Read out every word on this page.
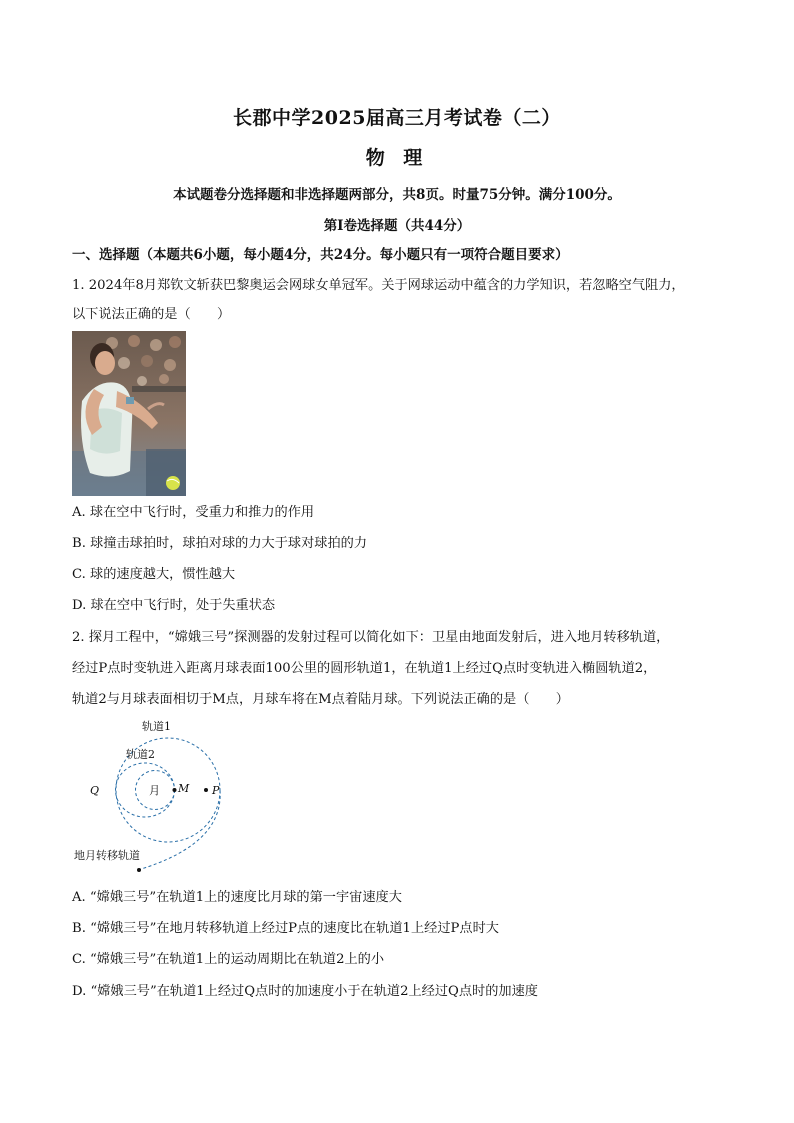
长郡中学2025届高三月考试卷（二）
物 理
本试题卷分选择题和非选择题两部分，共8页。时量75分钟。满分100分。
第Ⅰ卷选择题（共44分）
一、选择题（本题共6小题，每小题4分，共24分。每小题只有一项符合题目要求）
1. 2024年8月郑钦文斩获巴黎奥运会网球女单冠军。关于网球运动中蕴含的力学知识，若忽略空气阻力，
以下说法正确的是（　　）
A. 球在空中飞行时，受重力和推力的作用
B. 球撞击球拍时，球拍对球的力大于球对球拍的力
C. 球的速度越大，惯性越大
D. 球在空中飞行时，处于失重状态
2. 探月工程中，“嫦娥三号”探测器的发射过程可以简化如下：卫星由地面发射后，进入地月转移轨道，
经过P点时变轨进入距离月球表面100公里的圆形轨道1，在轨道1上经过Q点时变轨进入椭圆轨道2，
轨道2与月球表面相切于M点，月球车将在M点着陆月球。下列说法正确的是（　　）
轨道1
轨道2
月
Q	M P
地月转移轨道
A. “嫦娥三号”在轨道1上的速度比月球的第一宇宙速度大
B. “嫦娥三号”在地月转移轨道上经过P点的速度比在轨道1上经过P点时大
C. “嫦娥三号”在轨道1上的运动周期比在轨道2上的小
D. “嫦娥三号”在轨道1上经过Q点时的加速度小于在轨道2上经过Q点时的加速度
